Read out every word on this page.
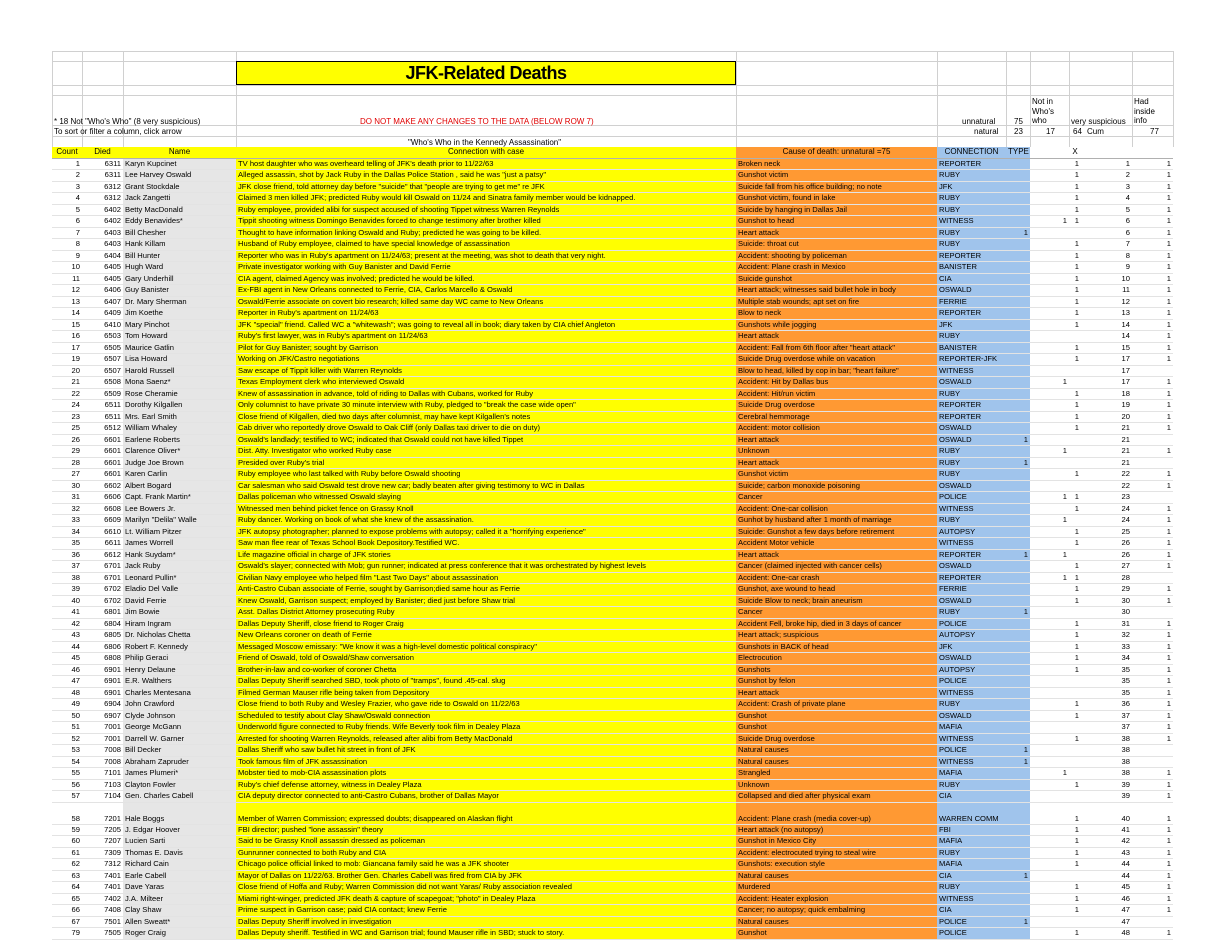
JFK-Related Deaths
* 18 Not "Who's Who" (8 very suspicious)
To sort or filter a column, click arrow
DO NOT MAKE ANY CHANGES TO THE DATA (BELOW ROW 7)
"Who's Who in the Kennedy Assassination"
unnatural 75
natural 23
Not in Who's who
17
very suspicious
64 Cum
Had inside info
77
Count	Died	Name	Connection with case	Cause of death: unnatural =75	CONNECTION	TYPE		X			
1	6311	Karyn Kupcinet	TV host daughter who was overheard telling of JFK's death prior to 11/22/63	Broken neck	REPORTER			1		1	1
2	6311	Lee Harvey Oswald	Alleged assassin, shot by Jack Ruby in the Dallas Police Station , said he was "just a patsy"	Gunshot victim	RUBY			1		2	1
3	6312	Grant Stockdale	JFK close friend, told attorney day before "suicide" that "people are trying to get me" re JFK	Suicide fall from his office building; no note	JFK			1		3	1
4	6312	Jack Zangetti	Claimed 3 men killed JFK; predicted Ruby would kill Oswald on 11/24 and Sinatra family member would be kidnapped.	Gunshot victim, found in lake	RUBY			1		4	1
5	6402	Betty MacDonald	Ruby employee, provided alibi for suspect accused of shooting Tippet witness Warren Reynolds	Suicide by hanging in Dallas Jail	RUBY			1		5	1
6	6402	Eddy Benavides*	Tippit shooting witness Domingo Benavides forced to change testimony after brother killed	Gunshot to head	WITNESS		1	1		6	1
7	6403	Bill Chesher	Thought to have information linking Oswald and Ruby; predicted he was going to be killed.	Heart attack	RUBY	1				6	1
8	6403	Hank Killam	Husband of Ruby employee, claimed to have special knowledge of assassination	Suicide: throat cut	RUBY			1		7	1
9	6404	Bill Hunter	Reporter who was in Ruby's apartment on 11/24/63; present at the meeting, was shot to death that very night.	Accident: shooting by policeman	REPORTER			1		8	1
10	6405	Hugh Ward	Private investigator working with Guy Banister and David Ferrie	Accident: Plane crash in Mexico	BANISTER			1		9	1
11	6405	Gary Underhill	CIA agent, claimed Agency was involved; predicted he would be killed.	Suicide gunshot	CIA			1		10	1
12	6406	Guy Banister	Ex-FBI agent in New Orleans connected to Ferrie, CIA, Carlos Marcello & Oswald	Heart attack; witnesses said bullet hole in body	OSWALD			1		11	1
13	6407	Dr. Mary Sherman	Oswald/Ferrie associate on covert bio research; killed same day WC came to New Orleans	Multiple stab wounds; apt set on fire	FERRIE			1		12	1
14	6409	Jim Koethe	Reporter in Ruby's apartment on 11/24/63	Blow to neck	REPORTER			1		13	1
15	6410	Mary Pinchot	JFK "special" friend. Called WC a "whitewash"; was going to reveal all in book; diary taken by CIA chief Angleton	Gunshots while jogging	JFK			1		14	1
16	6503	Tom Howard	Ruby's first lawyer, was in Ruby's apartment on 11/24/63	Heart attack	RUBY					14	1
17	6505	Maurice Gatlin	Pilot for Guy Banister; sought by Garrison	Accident: Fall from 6th floor after "heart attack"	BANISTER			1		15	1
19	6507	Lisa Howard	Working on JFK/Castro negotiations	Suicide Drug overdose while on vacation	REPORTER-JFK			1		17	1
20	6507	Harold Russell	Saw escape of Tippit killer with Warren Reynolds	Blow to head, killed by cop in bar; "heart failure"	WITNESS					17	
21	6508	Mona Saenz*	Texas Employment clerk who interviewed Oswald	Accident: Hit by Dallas bus	OSWALD		1			17	1
22	6509	Rose Cheramie	Knew of assassination in advance, told of riding to Dallas with Cubans, worked for Ruby	Accident: Hit/run victim	RUBY			1		18	1
24	6511	Dorothy Kilgallen	Only columnist to have private 30 minute interview with Ruby, pledged to "break the case wide open"	Suicide Drug overdose	REPORTER			1		19	1
23	6511	Mrs. Earl Smith	Close friend of Kilgallen, died two days after columnist, may have kept Kilgallen's notes	Cerebral hemmorage	REPORTER			1		20	1
25	6512	William Whaley	Cab driver who reportedly drove Oswald to Oak Cliff (only Dallas taxi driver to die on duty)	Accident: motor collision	OSWALD			1		21	1
26	6601	Earlene Roberts	Oswald's landlady; testified to WC; indicated that Oswald could not have killed Tippet	Heart attack	OSWALD	1				21	
29	6601	Clarence Oliver*	Dist. Atty. Investigator who worked Ruby case	Unknown	RUBY		1			21	1
28	6601	Judge Joe Brown	Presided over Ruby's trial	Heart attack	RUBY	1				21	
27	6601	Karen Carlin	Ruby employee who last talked with Ruby before Oswald shooting	Gunshot victim	RUBY			1		22	1
30	6602	Albert Bogard	Car salesman who said Oswald test drove new car; badly beaten after giving testimony to WC in Dallas	Suicide; carbon monoxide poisoning	OSWALD					22	1
31	6606	Capt. Frank Martin*	Dallas policeman who witnessed Oswald slaying	Cancer	POLICE		1	1		23	
32	6608	Lee Bowers Jr.	Witnessed men behind picket fence on Grassy Knoll	Accident: One-car collision	WITNESS			1		24	1
33	6609	Marilyn "Delila" Walle	Ruby dancer. Working on book of what she knew of the assassination.	Gunhot by husband after 1 month of marriage	RUBY		1			24	1
34	6610	Lt. William Pitzer	JFK autopsy photographer; planned to expose problems with autopsy; called it a "horrifying experience"	Suicide: Gunshot a few days before retirement	AUTOPSY			1		25	1
35	6611	James Worrell	Saw man flee rear of Texas School Book Depository.Testified WC.	Accident Motor vehicle	WITNESS			1		26	1
36	6612	Hank Suydam*	Life magazine official in charge of JFK stories	Heart attack	REPORTER	1	1			26	1
37	6701	Jack Ruby	Oswald's slayer; connected with Mob; gun runner; indicated at press conference that it was orchestrated by highest levels	Cancer (claimed injected with cancer cells)	OSWALD			1		27	1
38	6701	Leonard Pullin*	Civilian Navy employee who helped film "Last Two Days" about assassination	Accident: One-car crash	REPORTER		1	1		28	
39	6702	Eladio Del Valle	Anti-Castro Cuban associate of Ferrie, sought by Garrison;died same hour as Ferrie	Gunshot, axe wound to head	FERRIE			1		29	1
40	6702	David Ferrie	Knew Oswald, Garrison suspect; employed by Banister; died just before Shaw trial	Suicide Blow to neck; brain aneurism	OSWALD			1		30	1
41	6801	Jim Bowie	Asst. Dallas District Attorney prosecuting Ruby	Cancer	RUBY	1				30	
42	6804	Hiram Ingram	Dallas Deputy Sheriff, close friend to Roger Craig	Accident Fell, broke hip, died in 3 days of cancer	POLICE			1		31	1
43	6805	Dr. Nicholas Chetta	New Orleans coroner on death of Ferrie	Heart attack; suspicious	AUTOPSY			1		32	1
44	6806	Robert F. Kennedy	Messaged Moscow emissary: "We know it was a high-level domestic political conspiracy"	Gunshots in BACK of head	JFK			1		33	1
45	6808	Philip Geraci	Friend of Oswald, told of Oswald/Shaw conversation	Electrocution	OSWALD			1		34	1
46	6901	Henry Delaune	Brother-in-law and co-worker of coroner Chetta	Gunshots	AUTOPSY			1		35	1
47	6901	E.R. Walthers	Dallas Deputy Sheriff searched SBD, took photo of "tramps", found .45-cal. slug	Gunshot by felon	POLICE					35	1
48	6901	Charles Mentesana	Filmed German Mauser rifle being taken from Depository	Heart attack	WITNESS					35	1
49	6904	John Crawford	Close friend to both Ruby and Wesley Frazier, who gave ride to Oswald on 11/22/63	Accident: Crash of private plane	RUBY			1		36	1
50	6907	Clyde Johnson	Scheduled to testify about Clay Shaw/Oswald connection	Gunshot	OSWALD			1		37	1
51	7001	George McGann	Underworld figure connected to Ruby friends. Wife Beverly took film in Dealey Plaza	Gunshot	MAFIA					37	1
52	7001	Darrell W. Garner	Arrested for shooting Warren Reynolds, released after alibi from Betty MacDonald	Suicide Drug overdose	WITNESS			1		38	1
53	7008	Bill Decker	Dallas Sheriff who saw bullet hit street in front of JFK	Natural causes	POLICE	1				38	
54	7008	Abraham Zapruder	Took famous film of JFK assassination	Natural causes	WITNESS	1				38	
55	7101	James Plumeri*	Mobster tied to mob-CIA assassination plots	Strangled	MAFIA		1			38	1
56	7103	Clayton Fowler	Ruby's chief defense attorney, witness in Dealey Plaza	Unknown	RUBY			1		39	1
57	7104	Gen. Charles Cabell	CIA deputy director connected to anti-Castro Cubans, brother of Dallas Mayor	Collapsed and died after physical exam	CIA					39	1
58	7201	Hale Boggs	Member of Warren Commission; expressed doubts; disappeared on Alaskan flight	Accident: Plane crash (media cover-up)	WARREN COMM			1		40	1
59	7205	J. Edgar Hoover	FBI director; pushed "lone assassin" theory	Heart attack (no autopsy)	FBI			1		41	1
60	7207	Lucien Sarti	Said to be Grassy Knoll assassin dressed as policeman	Gunshot in Mexico City	MAFIA			1		42	1
61	7309	Thomas E. Davis	Gunrunner connected to both Ruby and CIA	Accident: electrocuted trying to steal wire	RUBY			1		43	1
62	7312	Richard Cain	Chicago police official linked to mob: Giancana family said he was a JFK shooter	Gunshots: execution style	MAFIA			1		44	1
63	7401	Earle Cabell	Mayor of Dallas on 11/22/63. Brother Gen. Charles Cabell was fired from CIA by JFK	Natural causes	CIA	1				44	1
64	7401	Dave Yaras	Close friend of Hoffa and Ruby; Warren Commission did not want Yaras/ Ruby association revealed	Murdered	RUBY			1		45	1
65	7402	J.A. Milteer	Miami right-winger, predicted JFK death & capture of scapegoat; "photo" in Dealey Plaza	Accident: Heater explosion	WITNESS			1		46	1
66	7408	Clay Shaw	Prime suspect in Garrison case; paid CIA contact; knew Ferrie	Cancer; no autopsy; quick embalming	CIA			1		47	1
67	7501	Allen Sweatt*	Dallas Deputy Sheriff involved in investigation	Natural causes	POLICE	1				47	
79	7505	Roger Craig	Dallas Deputy sheriff. Testified in WC and Garrison trial; found Mauser rifle in SBD; stuck to story.	Gunshot	POLICE			1		48	1
